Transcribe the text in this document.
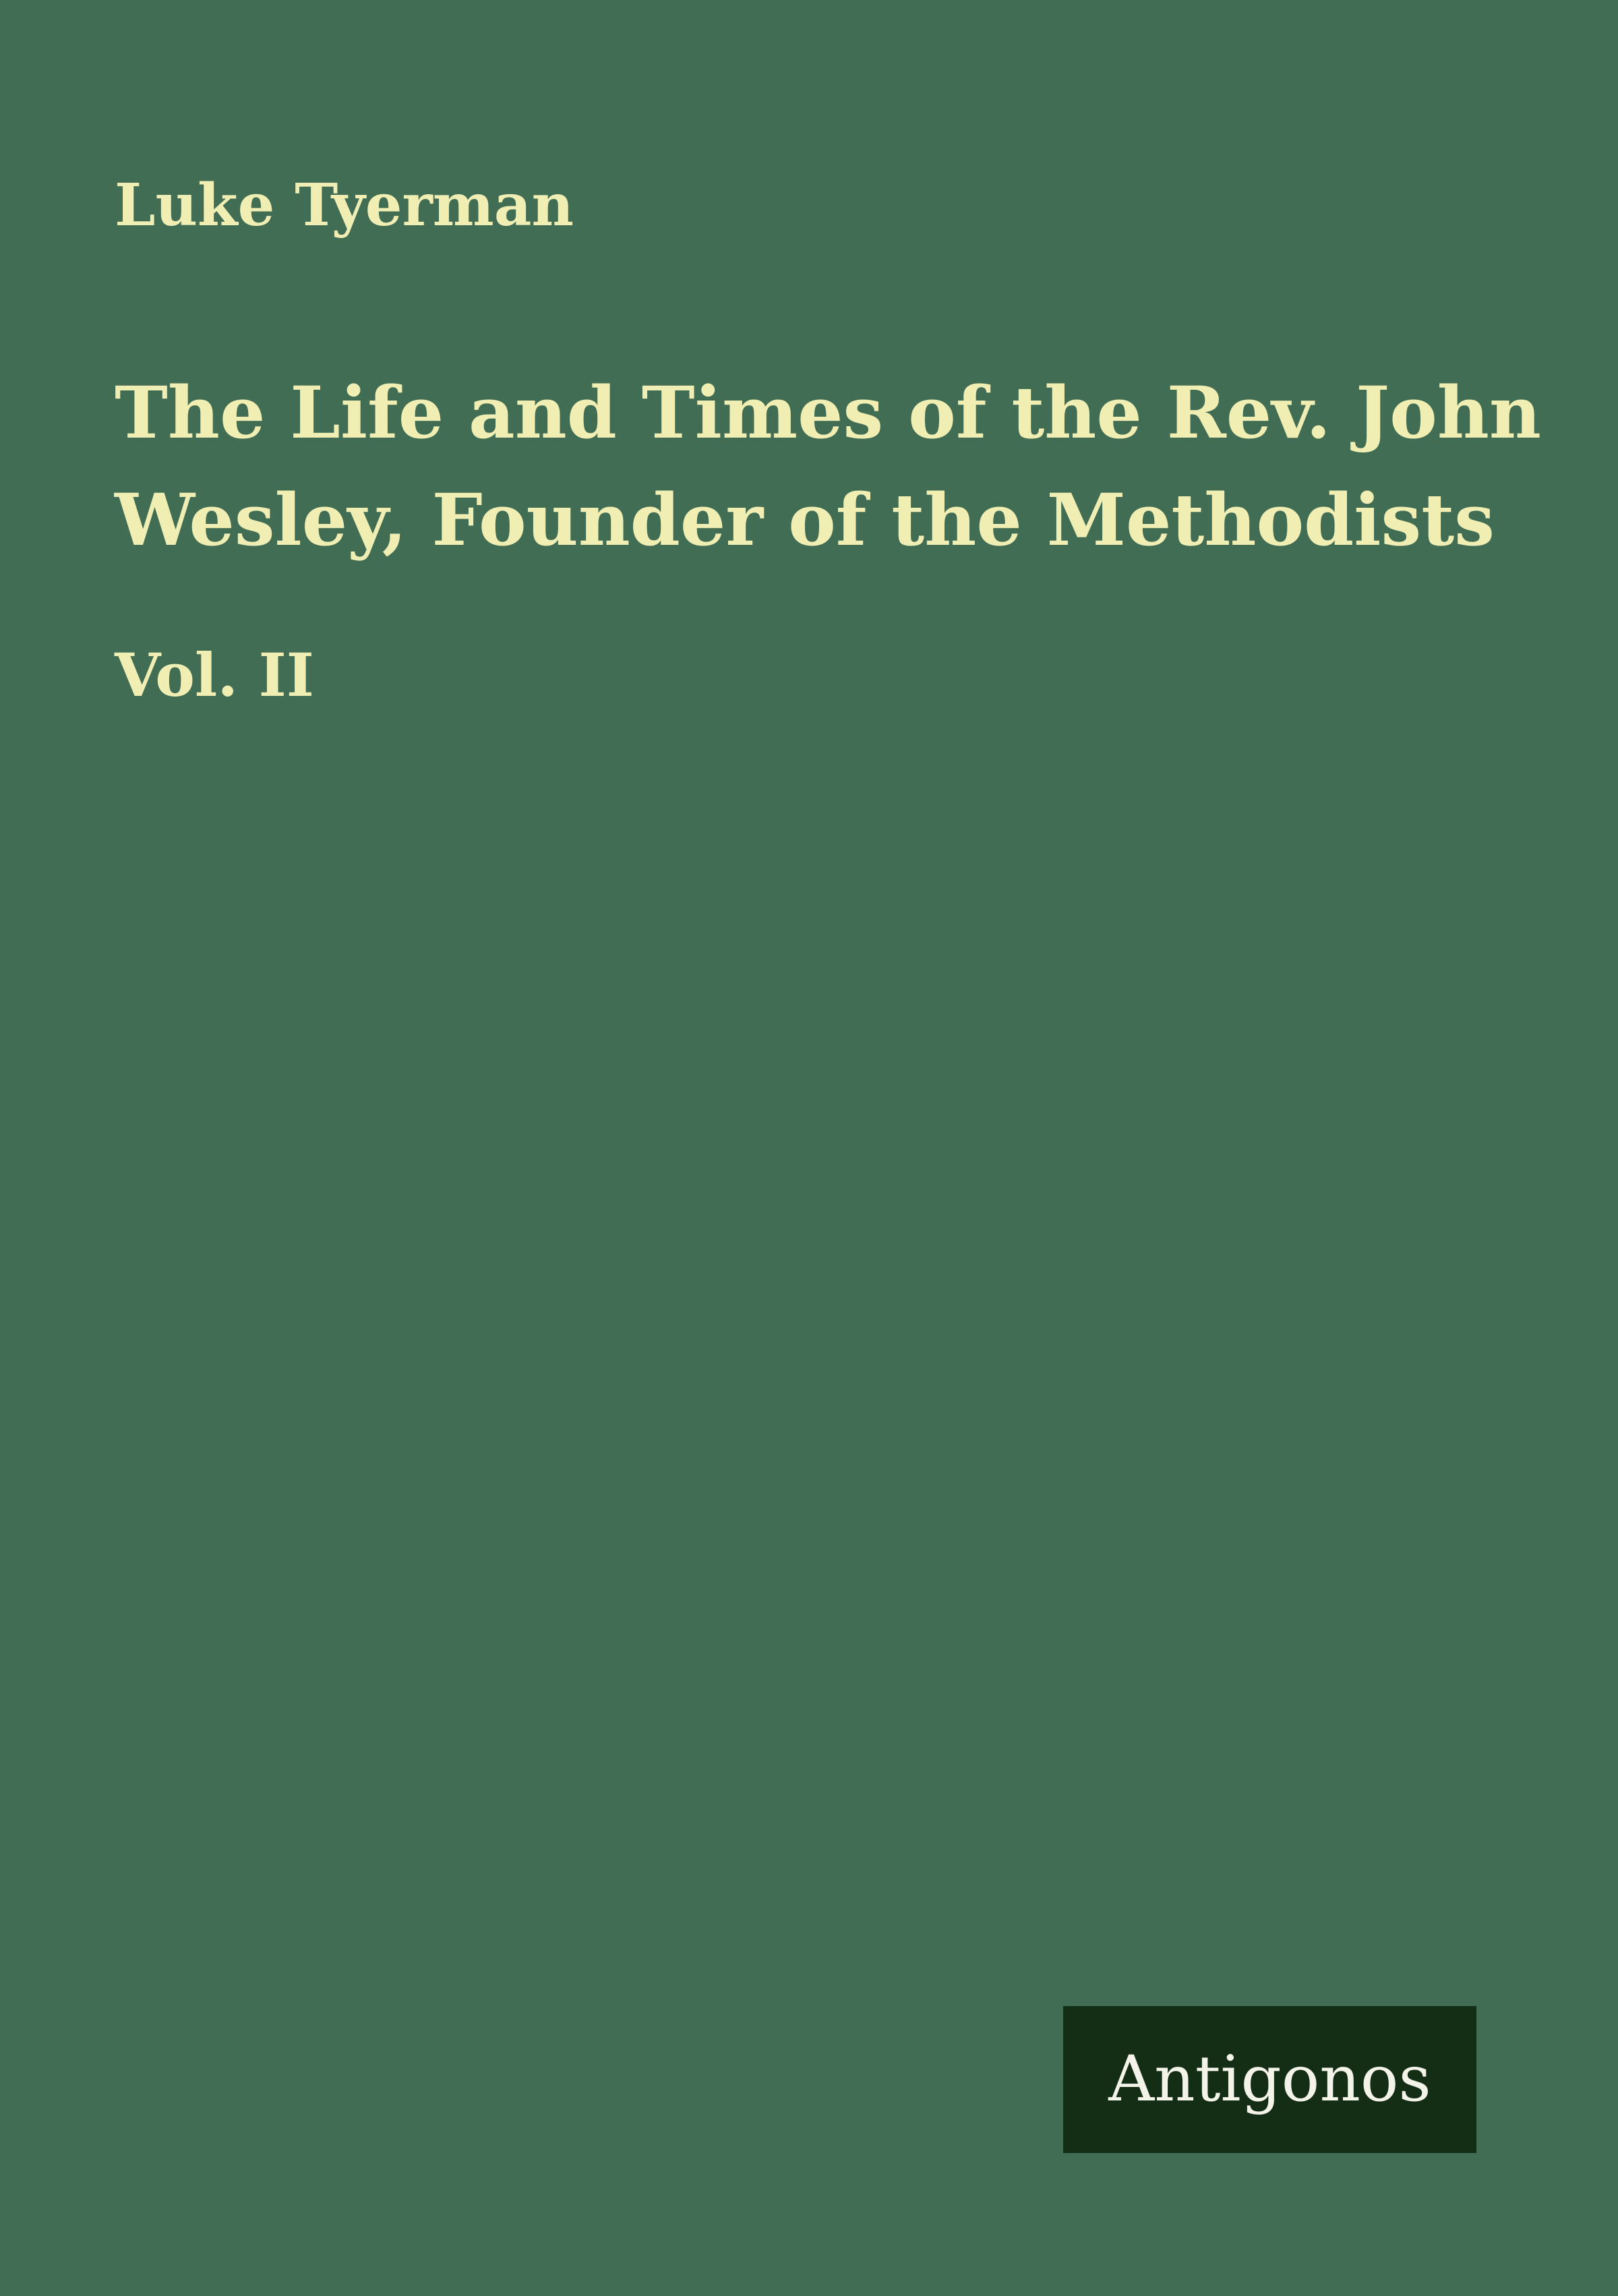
Luke Tyerman
The Life and Times of the Rev. John
Wesley, Founder of the Methodists
Vol. II
Antigonos
